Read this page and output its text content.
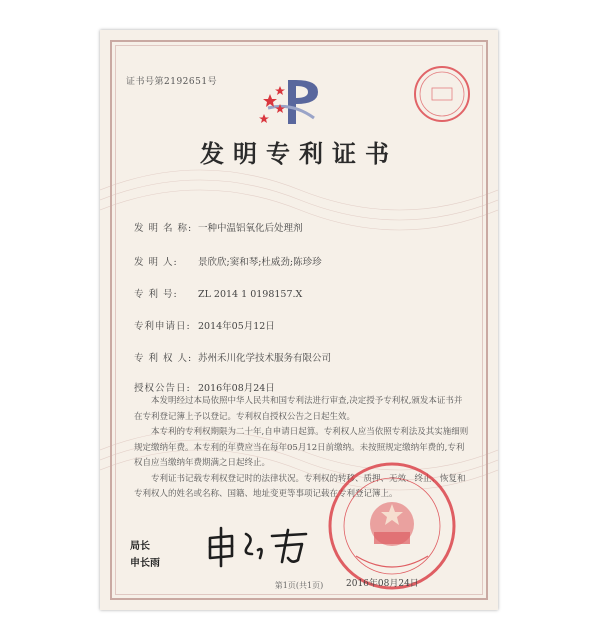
证书号第2192651号
发明专利证书
发 明 名 称: 一种中温铝氧化后处理剂
发 明 人: 景欣欣;窦和琴;杜威劲;陈珍珍
专 利 号: ZL 2014 1 0198157.X
专利申请日: 2014年05月12日
专 利 权 人: 苏州禾川化学技术服务有限公司
授权公告日: 2016年08月24日

本发明经过本局依照中华人民共和国专利法进行审查,决定授予专利权,颁发本证书并在专利登记簿上予以登记。专利权自授权公告之日起生效。

本专利的专利权期限为二十年,自申请日起算。专利权人应当依照专利法及其实施细则规定缴纳年费。本专利的年费应当在每年05月12日前缴纳。未按照规定缴纳年费的,专利权自应当缴纳年费期满之日起终止。

专利证书记载专利权登记时的法律状况。专利权的转移、质押、无效、终止、恢复和专利权人的姓名或名称、国籍、地址变更等事项记载在专利登记簿上。

局长
申长雨
2016年08月24日
第1页(共1页)
